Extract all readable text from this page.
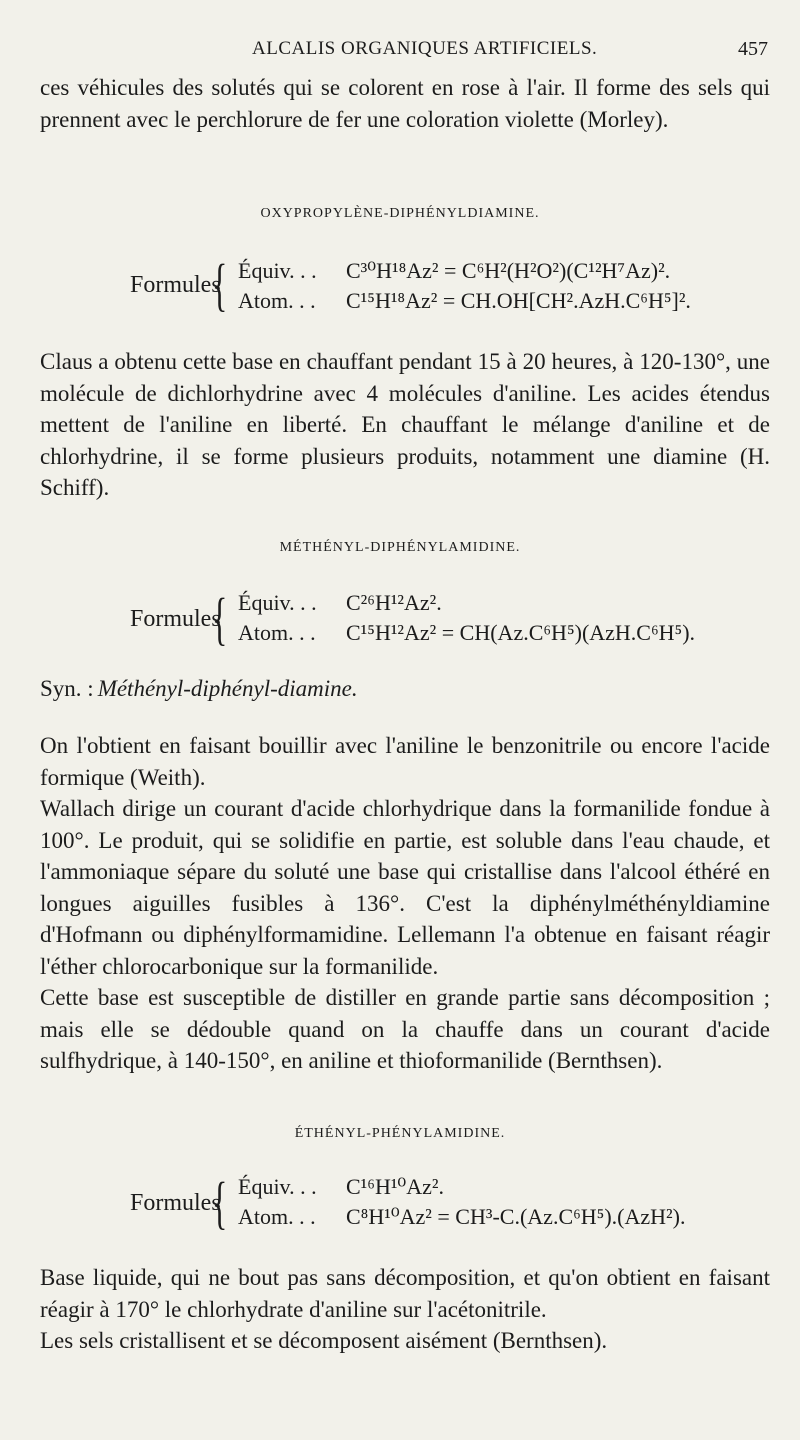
ALCALIS ORGANIQUES ARTIFICIELS.	457

ces véhicules des solutés qui se colorent en rose à l'air. Il forme des sels qui prennent avec le perchlorure de fer une coloration violette (Morley).

OXYPROPYLÈNE-DIPHÉNYLDIAMINE.
Formules
{ Équiv. . . C³⁰H¹⁸Az² = C⁶H²(H²O²)(C¹²H⁷Az)².
Atom. . . C¹⁵H¹⁸Az² = CH.OH[CH².AzH.C⁶H⁵]².

Claus a obtenu cette base en chauffant pendant 15 à 20 heures, à 120-130°, une molécule de dichlorhydrine avec 4 molécules d'aniline. Les acides étendus mettent de l'aniline en liberté. En chauffant le mélange d'aniline et de chlorhydrine, il se forme plusieurs produits, notamment une diamine (H. Schiff).

MÉTHÉNYL-DIPHÉNYLAMIDINE.
Formules
{ Équiv. . . C²⁶H¹²Az².
Atom. . . C¹⁵H¹²Az² = CH(Az.C⁶H⁵)(AzH.C⁶H⁵).
Syn. : Méthényl-diphényl-diamine.

On l'obtient en faisant bouillir avec l'aniline le benzonitrile ou encore l'acide formique (Weith).

Wallach dirige un courant d'acide chlorhydrique dans la formanilide fondue à 100°. Le produit, qui se solidifie en partie, est soluble dans l'eau chaude, et l'ammoniaque sépare du soluté une base qui cristallise dans l'alcool éthéré en longues aiguilles fusibles à 136°. C'est la diphénylméthényldiamine d'Hofmann ou diphénylformamidine. Lellemann l'a obtenue en faisant réagir l'éther chlorocarbonique sur la formanilide.

Cette base est susceptible de distiller en grande partie sans décomposition ; mais elle se dédouble quand on la chauffe dans un courant d'acide sulfhydrique, à 140-150°, en aniline et thioformanilide (Bernthsen).

ÉTHÉNYL-PHÉNYLAMIDINE.
Formules
{ Équiv. . . C¹⁶H¹⁰Az².
Atom. . . C⁸H¹⁰Az² = CH³-C.(Az.C⁶H⁵).(AzH²).

Base liquide, qui ne bout pas sans décomposition, et qu'on obtient en faisant réagir à 170° le chlorhydrate d'aniline sur l'acétonitrile.

Les sels cristallisent et se décomposent aisément (Bernthsen).
